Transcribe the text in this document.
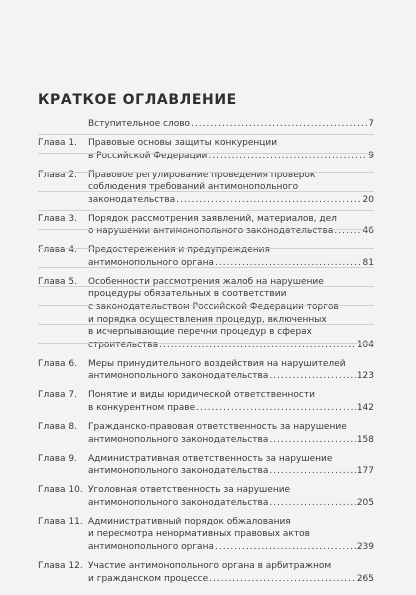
КРАТКОЕ ОГЛАВЛЕНИЕ
Вступительное слово .....	7
Глава 1.	Правовые основы защиты конкуренции
в Российской Федерации .....	9
Глава 2.	Правовое регулирование проведения проверок
соблюдения требований антимонопольного
законодательства .....	20
Глава 3.	Порядок рассмотрения заявлений, материалов, дел
о нарушении антимонопольного законодательства .....	46
Глава 4.	Предостережения и предупреждения
антимонопольного органа .....	81
Глава 5.	Особенности рассмотрения жалоб на нарушение
процедуры обязательных в соответствии
с законодательством Российской Федерации торгов
и порядка осуществления процедур, включенных
в исчерпывающие перечни процедур в сферах
строительства .....	104
Глава 6.	Меры принудительного воздействия на нарушителей
антимонопольного законодательства .....	123
Глава 7.	Понятие и виды юридической ответственности
в конкурентном праве .....	142
Глава 8.	Гражданско-правовая ответственность за нарушение
антимонопольного законодательства .....	158
Глава 9.	Административная ответственность за нарушение
антимонопольного законодательства .....	177
Глава 10. Уголовная ответственность за нарушение
антимонопольного законодательства .....	205
Глава 11. Административный порядок обжалования
и пересмотра ненормативных правовых актов
антимонопольного органа .....	239
Глава 12. Участие антимонопольного органа в арбитражном
и гражданском процессе .....	265
